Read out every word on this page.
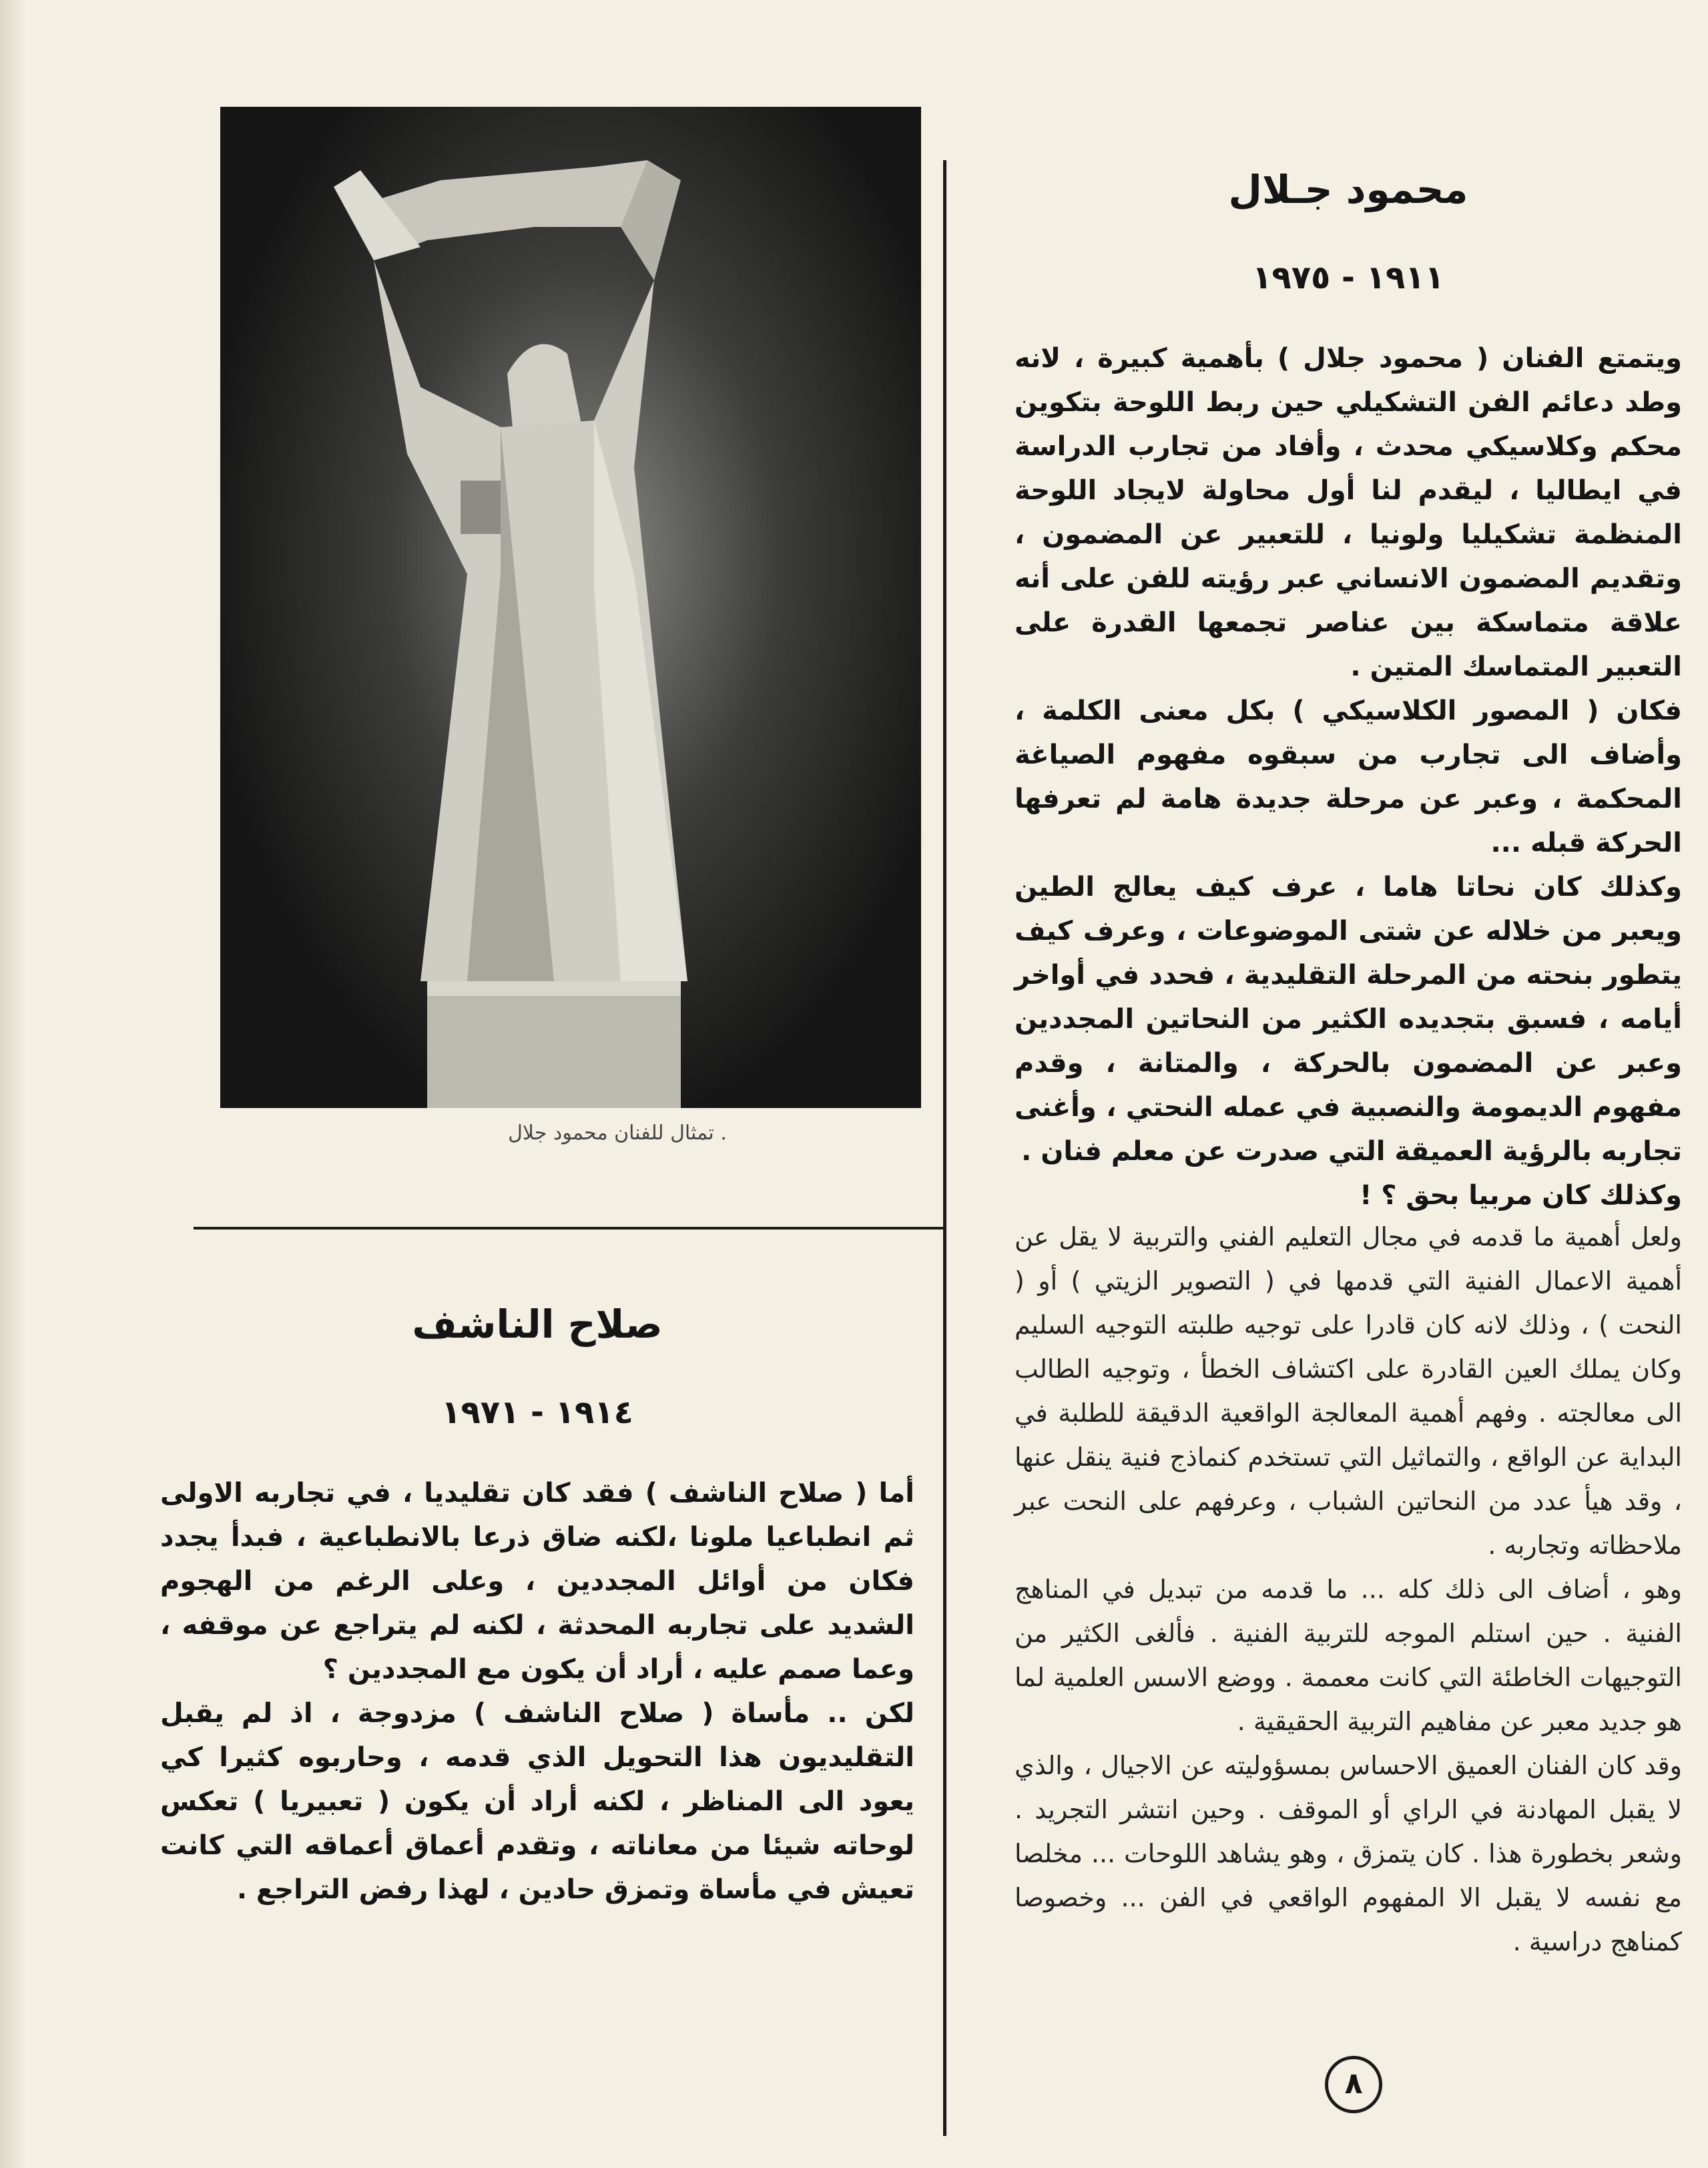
تمثال للفنان محمود جلال .
محمود جـلال
١٩١١ - ١٩٧٥

ويتمتع الفنان ( محمود جلال ) بأهمية كبيرة ، لانه وطد دعائم الفن التشكيلي حين ربط اللوحة بتكوين محكم وكلاسيكي محدث ، وأفاد من تجارب الدراسة في ايطاليا ، ليقدم لنا أول محاولة لايجاد اللوحة المنظمة تشكيليا ولونيا ، للتعبير عن المضمون ، وتقديم المضمون الانساني عبر رؤيته للفن على أنه علاقة متماسكة بين عناصر تجمعها القدرة على التعبير المتماسك المتين .

فكان ( المصور الكلاسيكي ) بكل معنى الكلمة ، وأضاف الى تجارب من سبقوه مفهوم الصياغة المحكمة ، وعبر عن مرحلة جديدة هامة لم تعرفها الحركة قبله ...

وكذلك كان نحاتا هاما ، عرف كيف يعالج الطين ويعبر من خلاله عن شتى الموضوعات ، وعرف كيف يتطور بنحته من المرحلة التقليدية ، فحدد في أواخر أيامه ، فسبق بتجديده الكثير من النحاتين المجددين وعبر عن المضمون بالحركة ، والمتانة ، وقدم مفهوم الديمومة والنصبية في عمله النحتي ، وأغنى تجاربه بالرؤية العميقة التي صدرت عن معلم فنان .

وكذلك كان مربيا بحق ؟ !

ولعل أهمية ما قدمه في مجال التعليم الفني والتربية لا يقل عن أهمية الاعمال الفنية التي قدمها في ( التصوير الزيتي ) أو ( النحت ) ، وذلك لانه كان قادرا على توجيه طلبته التوجيه السليم وكان يملك العين القادرة على اكتشاف الخطأ ، وتوجيه الطالب الى معالجته . وفهم أهمية المعالجة الواقعية الدقيقة للطلبة في البداية عن الواقع ، والتماثيل التي تستخدم كنماذج فنية ينقل عنها ، وقد هيأ عدد من النحاتين الشباب ، وعرفهم على النحت عبر ملاحظاته وتجاربه .

وهو ، أضاف الى ذلك كله ... ما قدمه من تبديل في المناهج الفنية . حين استلم الموجه للتربية الفنية . فألغى الكثير من التوجيهات الخاطئة التي كانت معممة . ووضع الاسس العلمية لما هو جديد معبر عن مفاهيم التربية الحقيقية .

وقد كان الفنان العميق الاحساس بمسؤوليته عن الاجيال ، والذي لا يقبل المهادنة في الراي أو الموقف . وحين انتشر التجريد . وشعر بخطورة هذا . كان يتمزق ، وهو يشاهد اللوحات ... مخلصا مع نفسه لا يقبل الا المفهوم الواقعي في الفن ... وخصوصا كمناهج دراسية .

صلاح الناشف
١٩١٤ - ١٩٧١

أما ( صلاح الناشف ) فقد كان تقليديا ، في تجاربه الاولى ثم انطباعيا ملونا ،لكنه ضاق ذرعا بالانطباعية ، فبدأ يجدد فكان من أوائل المجددين ، وعلى الرغم من الهجوم الشديد على تجاربه المحدثة ، لكنه لم يتراجع عن موقفه ، وعما صمم عليه ، أراد أن يكون مع المجددين ؟

لكن .. مأساة ( صلاح الناشف ) مزدوجة ، اذ لم يقبل التقليديون هذا التحويل الذي قدمه ، وحاربوه كثيرا كي يعود الى المناظر ، لكنه أراد أن يكون ( تعبيريا ) تعكس لوحاته شيئا من معاناته ، وتقدم أعماق أعماقه التي كانت تعيش في مأساة وتمزق حادين ، لهذا رفض التراجع .

٨
